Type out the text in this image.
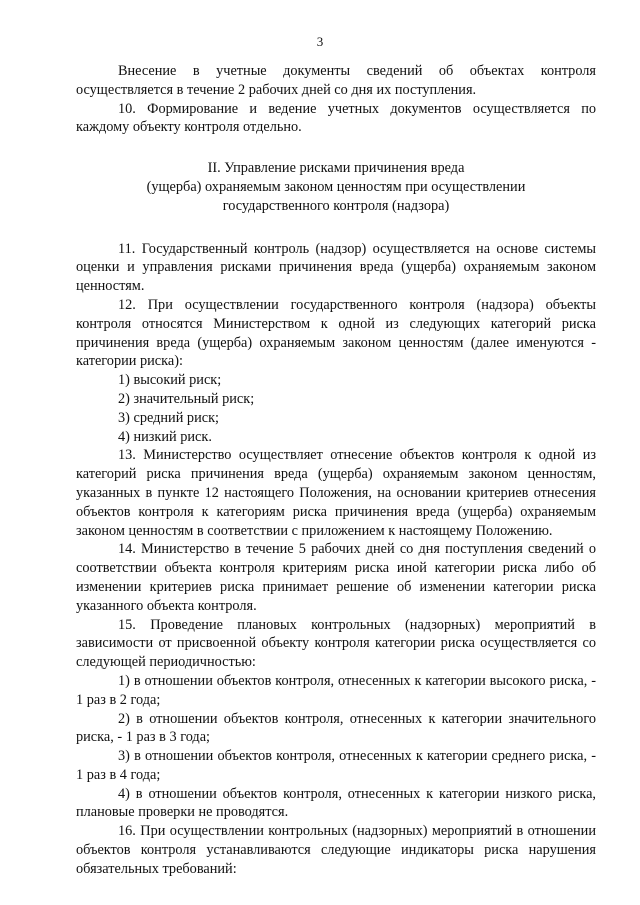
3

Внесение в учетные документы сведений об объектах контроля осуществляется в течение 2 рабочих дней со дня их поступления.

10. Формирование и ведение учетных документов осуществляется по каждому объекту контроля отдельно.

II. Управление рисками причинения вреда
(ущерба) охраняемым законом ценностям при осуществлении
государственного контроля (надзора)

11. Государственный контроль (надзор) осуществляется на основе системы оценки и управления рисками причинения вреда (ущерба) охраняемым законом ценностям.

12. При осуществлении государственного контроля (надзора) объекты контроля относятся Министерством к одной из следующих категорий риска причинения вреда (ущерба) охраняемым законом ценностям (далее именуются - категории риска):

1) высокий риск;

2) значительный риск;

3) средний риск;

4) низкий риск.

13. Министерство осуществляет отнесение объектов контроля к одной из категорий риска причинения вреда (ущерба) охраняемым законом ценностям, указанных в пункте 12 настоящего Положения, на основании критериев отнесения объектов контроля к категориям риска причинения вреда (ущерба) охраняемым законом ценностям в соответствии с приложением к настоящему Положению.

14. Министерство в течение 5 рабочих дней со дня поступления сведений о соответствии объекта контроля критериям риска иной категории риска либо об изменении критериев риска принимает решение об изменении категории риска указанного объекта контроля.

15. Проведение плановых контрольных (надзорных) мероприятий в зависимости от присвоенной объекту контроля категории риска осуществляется со следующей периодичностью:

1) в отношении объектов контроля, отнесенных к категории высокого риска, - 1 раз в 2 года;

2) в отношении объектов контроля, отнесенных к категории значительного риска, - 1 раз в 3 года;

3) в отношении объектов контроля, отнесенных к категории среднего риска, - 1 раз в 4 года;

4) в отношении объектов контроля, отнесенных к категории низкого риска, плановые проверки не проводятся.

16. При осуществлении контрольных (надзорных) мероприятий в отношении объектов контроля устанавливаются следующие индикаторы риска нарушения обязательных требований:
